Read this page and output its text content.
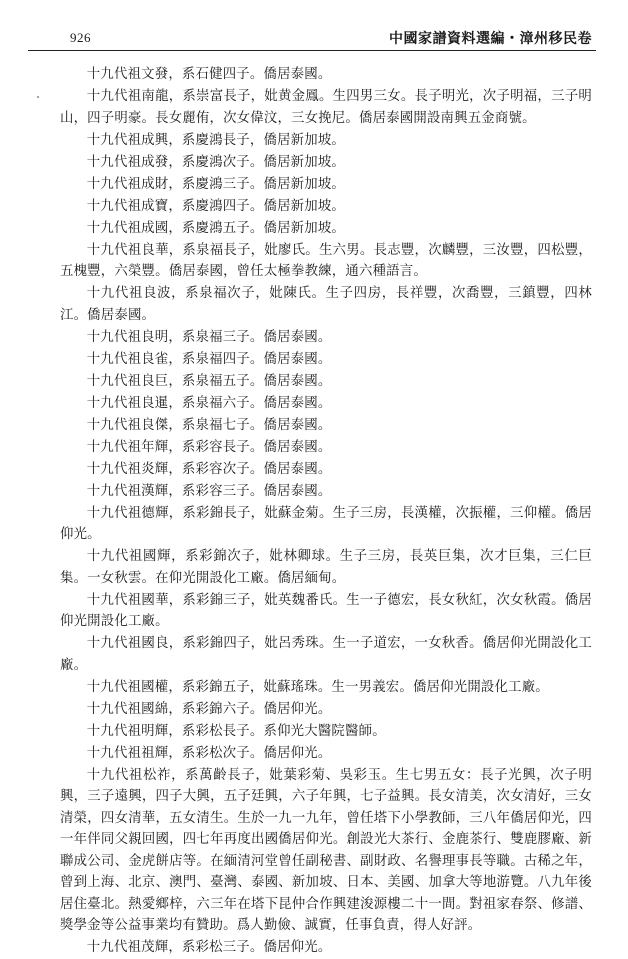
926	中國家譜資料選編・漳州移民卷

十九代祖文發，系石健四子。僑居泰國。

十九代祖南龍，系崇富長子，妣黄金鳳。生四男三女。長子明光，次子明福，三子明山，四子明豪。長女麗侑，次女偉汶，三女挽尼。僑居泰國開設南興五金商號。

十九代祖成興，系慶鴻長子，僑居新加坡。

十九代祖成發，系慶鴻次子。僑居新加坡。

十九代祖成財，系慶鴻三子。僑居新加坡。

十九代祖成寶，系慶鴻四子。僑居新加坡。

十九代祖成國，系慶鴻五子。僑居新加坡。

十九代祖良華，系泉福長子，妣廖氏。生六男。長志豐，次麟豐，三汝豐，四松豐，五槐豐，六榮豐。僑居泰國，曾任太極拳教練，通六種語言。

十九代祖良波，系泉福次子，妣陳氏。生子四房，長祥豐，次喬豐，三鎮豐，四林江。僑居泰國。

十九代祖良明，系泉福三子。僑居泰國。

十九代祖良雀，系泉福四子。僑居泰國。

十九代祖良巨，系泉福五子。僑居泰國。

十九代祖良暹，系泉福六子。僑居泰國。

十九代祖良傑，系泉福七子。僑居泰國。

十九代祖年輝，系彩容長子。僑居泰國。

十九代祖炎輝，系彩容次子。僑居泰國。

十九代祖漢輝，系彩容三子。僑居泰國。

十九代祖德輝，系彩錦長子，妣蘇金菊。生子三房，長漢權，次振權，三仰權。僑居仰光。

十九代祖國輝，系彩錦次子，妣林卿球。生子三房，長英巨集，次才巨集，三仁巨集。一女秋雲。在仰光開設化工廠。僑居緬甸。

十九代祖國華，系彩錦三子，妣英魏番氏。生一子德宏，長女秋紅，次女秋霞。僑居仰光開設化工廠。

十九代祖國良，系彩錦四子，妣呂秀珠。生一子道宏，一女秋香。僑居仰光開設化工廠。

十九代祖國權，系彩錦五子，妣蘇瑤珠。生一男義宏。僑居仰光開設化工廠。

十九代祖國綿，系彩錦六子。僑居仰光。

十九代祖明輝，系彩松長子。系仰光大醫院醫師。

十九代祖祖輝，系彩松次子。僑居仰光。

十九代祖松祚，系萬齡長子，妣葉彩菊、吳彩玉。生七男五女：長子光興，次子明興，三子遠興，四子大興，五子廷興，六子年興，七子益興。長女清美，次女清好，三女清榮，四女清華，五女清生。生於一九一九年，曾任塔下小學教師，三八年僑居仰光，四一年伴同父親回國，四七年再度出國僑居仰光。創設光大茶行、金鹿茶行、雙鹿膠廠、新聯成公司、金虎餅店等。在緬清河堂曾任副秘書、副財政、名譽理事長等職。古稀之年，曾到上海、北京、澳門、臺灣、泰國、新加坡、日本、美國、加拿大等地游覽。八九年後居住臺北。熱愛鄉梓，六三年在塔下昆仲合作興建浚源樓二十一間。對祖家春祭、修譜、獎學金等公益事業均有贊助。爲人勤儉、誠實，任事負責，得人好評。

十九代祖茂輝，系彩松三子。僑居仰光。
